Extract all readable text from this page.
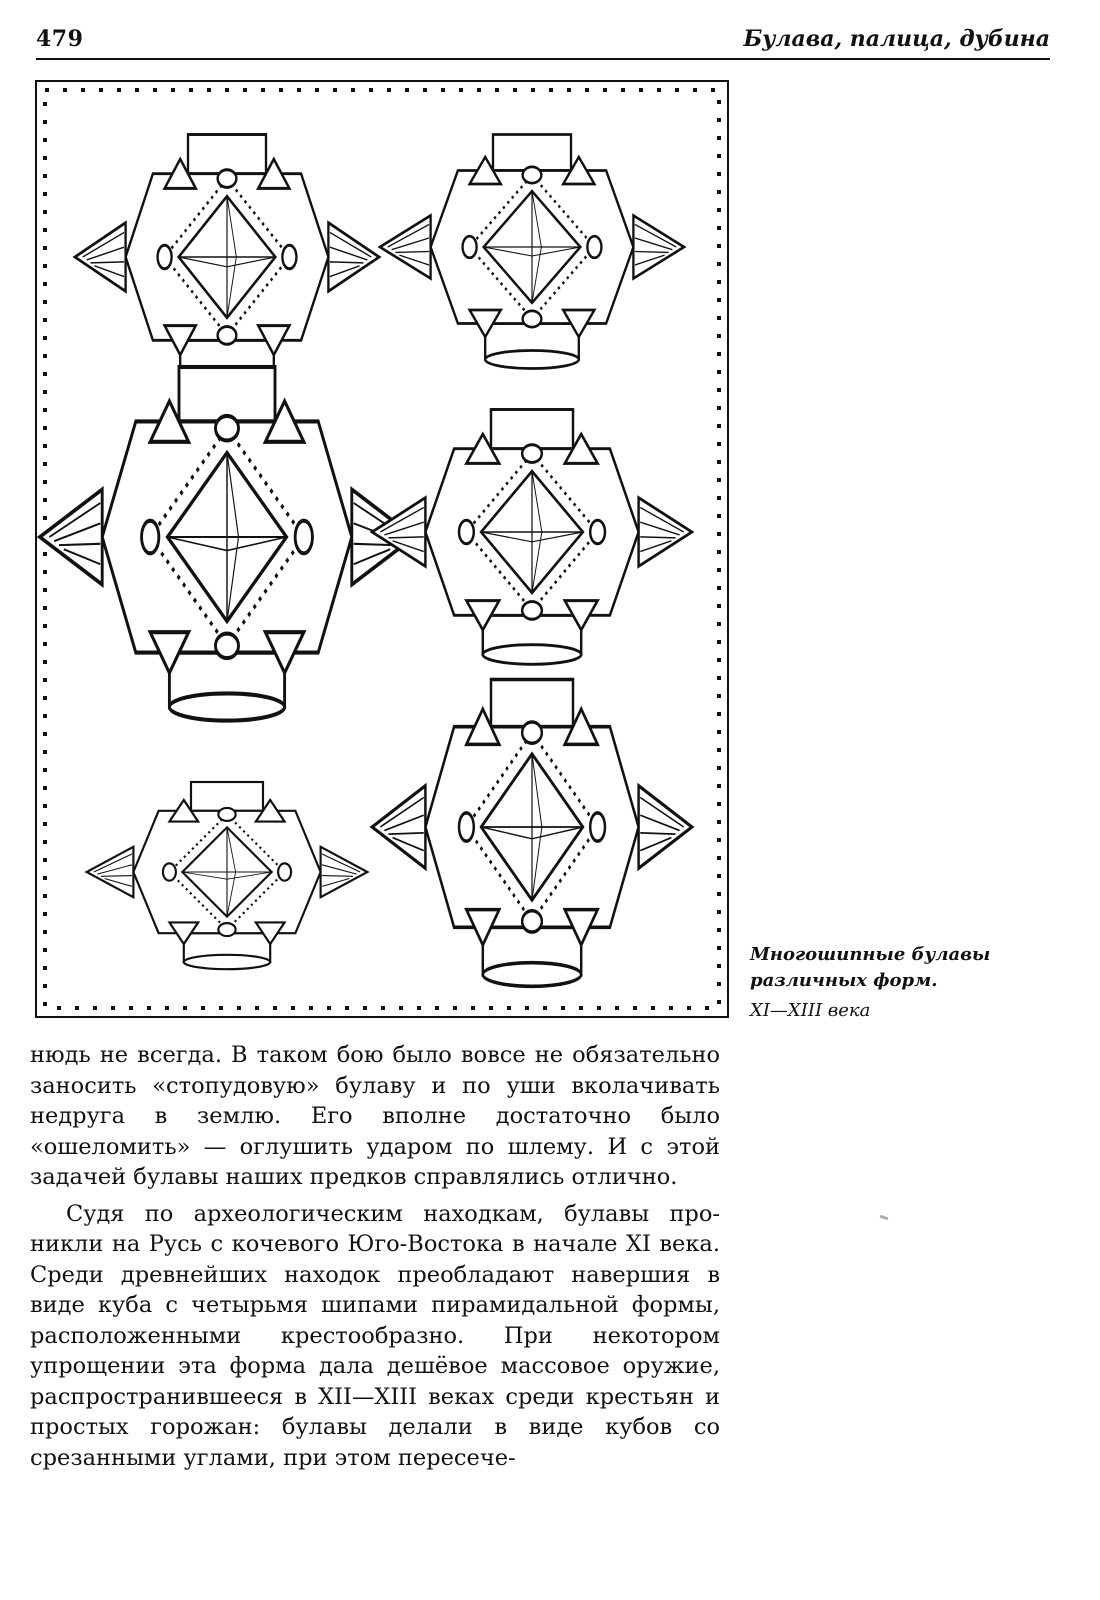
479	Булава, палица, дубина
Многошипные булавы различных форм.
XI—XIII века

нюдь не всегда. В таком бою было вовсе не обязательно заносить «стопудовую» булаву и по уши вколачивать недруга в землю. Его вполне достаточно было «ошеломить» — оглушить ударом по шлему. И с этой задачей булавы наших предков справлялись отлично.

Судя по археологическим находкам, булавы проникли на Русь с кочевого Юго-Востока в начале XI века. Среди древнейших находок преобладают навершия в виде куба с четырьмя шипами пирамидальной формы, расположенными крестообразно. При некотором упрощении эта форма дала дешёвое массовое оружие, распространившееся в XII—XIII веках среди крестьян и простых горожан: булавы делали в виде кубов со срезанными углами, при этом пересече-
